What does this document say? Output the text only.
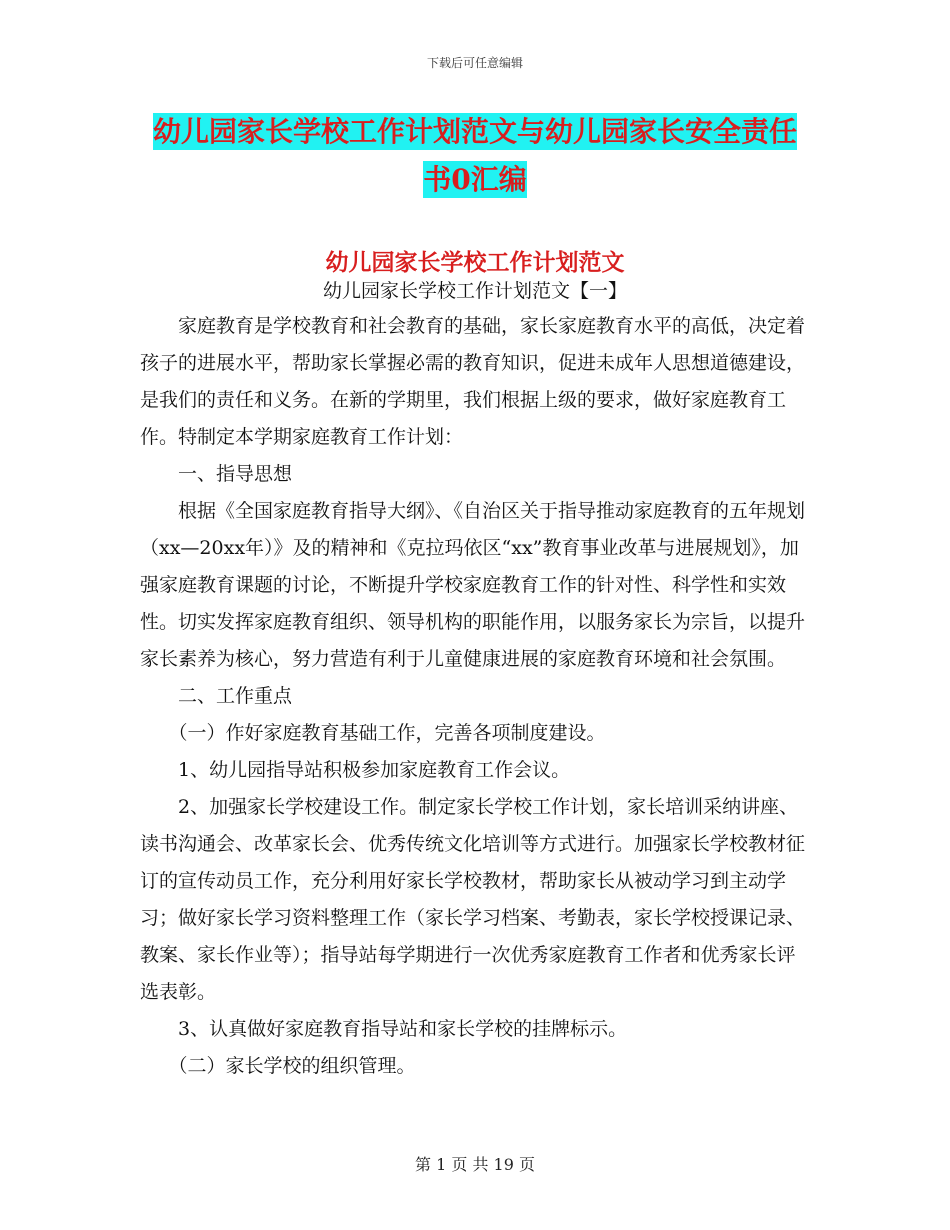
下载后可任意编辑
幼儿园家长学校工作计划范文与幼儿园家长安全责任
书0汇编
幼儿园家长学校工作计划范文
幼儿园家长学校工作计划范文【一】

家庭教育是学校教育和社会教育的基础，家长家庭教育水平的高低，决定着孩子的进展水平，帮助家长掌握必需的教育知识，促进未成年人思想道德建设，是我们的责任和义务。在新的学期里，我们根据上级的要求，做好家庭教育工作。特制定本学期家庭教育工作计划：

一、指导思想

根据《全国家庭教育指导大纲》、《自治区关于指导推动家庭教育的五年规划（xx—20xx年）》及的精神和《克拉玛依区“xx”教育事业改革与进展规划》，加强家庭教育课题的讨论，不断提升学校家庭教育工作的针对性、科学性和实效性。切实发挥家庭教育组织、领导机构的职能作用，以服务家长为宗旨，以提升家长素养为核心，努力营造有利于儿童健康进展的家庭教育环境和社会氛围。

二、工作重点

（一）作好家庭教育基础工作，完善各项制度建设。

1、幼儿园指导站积极参加家庭教育工作会议。

2、加强家长学校建设工作。制定家长学校工作计划，家长培训采纳讲座、读书沟通会、改革家长会、优秀传统文化培训等方式进行。加强家长学校教材征订的宣传动员工作，充分利用好家长学校教材，帮助家长从被动学习到主动学习；做好家长学习资料整理工作（家长学习档案、考勤表，家长学校授课记录、教案、家长作业等）；指导站每学期进行一次优秀家庭教育工作者和优秀家长评选表彰。

3、认真做好家庭教育指导站和家长学校的挂牌标示。

（二）家长学校的组织管理。

第 1 页 共 19 页
